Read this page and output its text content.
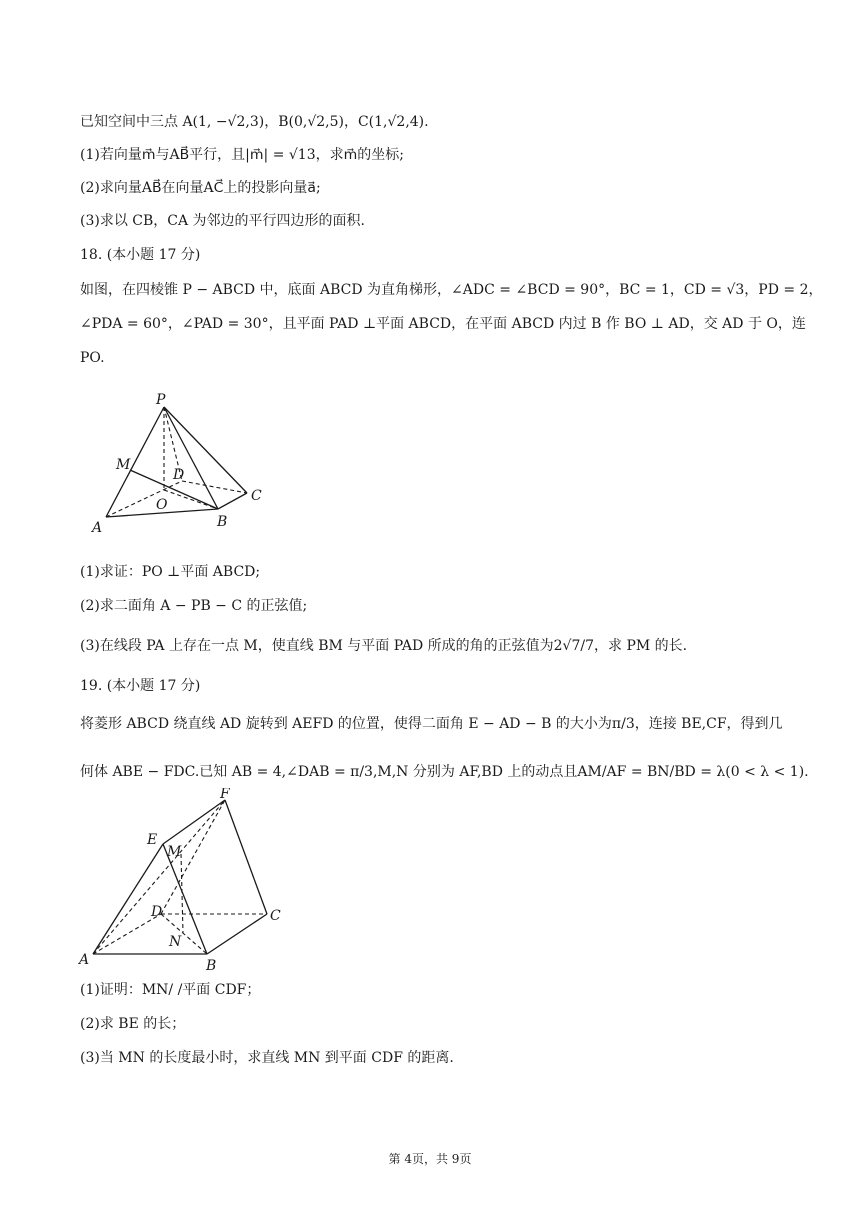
已知空间中三点 A(1, −√2,3)，B(0,√2,5)，C(1,√2,4).
(1)若向量m⃗与AB⃗平行，且|m⃗| = √13，求m⃗的坐标;
(2)求向量AB⃗在向量AC⃗上的投影向量a⃗;
(3)求以 CB，CA 为邻边的平行四边形的面积.
18. (本小题 17 分)
如图，在四棱锥 P − ABCD 中，底面 ABCD 为直角梯形，∠ADC = ∠BCD = 90°，BC = 1，CD = √3，PD = 2，
∠PDA = 60°，∠PAD = 30°，且平面 PAD ⊥平面 ABCD，在平面 ABCD 内过 B 作 BO ⊥ AD，交 AD 于 O，连
PO.
P
M
D
O
C
A	B
(1)求证：PO ⊥平面 ABCD;
(2)求二面角 A − PB − C 的正弦值;
(3)在线段 PA 上存在一点 M，使直线 BM 与平面 PAD 所成的角的正弦值为2√7/7，求 PM 的长.
19. (本小题 17 分)
将菱形 ABCD 绕直线 AD 旋转到 AEFD 的位置，使得二面角 E − AD − B 的大小为π/3，连接 BE,CF，得到几
何体 ABE − FDC.已知 AB = 4,∠DAB = π/3,M,N 分别为 AF,BD 上的动点且AM/AF = BN/BD = λ(0 < λ < 1).
F
E
M
D	C
N
A	B
(1)证明：MN/ /平面 CDF；
(2)求 BE 的长；
(3)当 MN 的长度最小时，求直线 MN 到平面 CDF 的距离.
第 4页，共 9页
